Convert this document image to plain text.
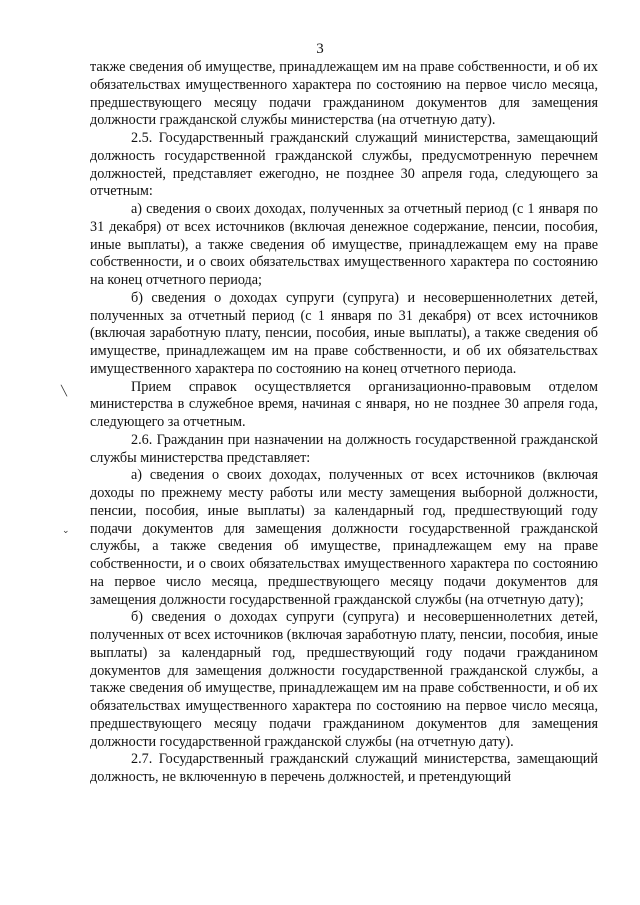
3
╲
⌄

также сведения об имуществе, принадлежащем им на праве собственности, и об их обязательствах имущественного характера по состоянию на первое число месяца, предшествующего месяцу подачи гражданином документов для замещения должности гражданской службы министерства (на отчетную дату).

2.5. Государственный гражданский служащий министерства, замещающий должность государственной гражданской службы, предусмотренную перечнем должностей, представляет ежегодно, не позднее 30 апреля года, следующего за отчетным:

а) сведения о своих доходах, полученных за отчетный период (с 1 января по 31 декабря) от всех источников (включая денежное содержание, пенсии, пособия, иные выплаты), а также сведения об имуществе, принадлежащем ему на праве собственности, и о своих обязательствах имущественного характера по состоянию на конец отчетного периода;

б) сведения о доходах супруги (супруга) и несовершеннолетних детей, полученных за отчетный период (с 1 января по 31 декабря) от всех источников (включая заработную плату, пенсии, пособия, иные выплаты), а также сведения об имуществе, принадлежащем им на праве собственности, и об их обязательствах имущественного характера по состоянию на конец отчетного периода.

Прием справок осуществляется организационно-правовым отделом министерства в служебное время, начиная с января, но не позднее 30 апреля года, следующего за отчетным.

2.6. Гражданин при назначении на должность государственной гражданской службы министерства представляет:

а) сведения о своих доходах, полученных от всех источников (включая доходы по прежнему месту работы или месту замещения выборной должности, пенсии, пособия, иные выплаты) за календарный год, предшествующий году подачи документов для замещения должности государственной гражданской службы, а также сведения об имуществе, принадлежащем ему на праве собственности, и о своих обязательствах имущественного характера по состоянию на первое число месяца, предшествующего месяцу подачи документов для замещения должности государственной гражданской службы (на отчетную дату);

б) сведения о доходах супруги (супруга) и несовершеннолетних детей, полученных от всех источников (включая заработную плату, пенсии, пособия, иные выплаты) за календарный год, предшествующий году подачи гражданином документов для замещения должности государственной гражданской службы, а также сведения об имуществе, принадлежащем им на праве собственности, и об их обязательствах имущественного характера по состоянию на первое число месяца, предшествующего месяцу подачи гражданином документов для замещения должности государственной гражданской службы (на отчетную дату).

2.7. Государственный гражданский служащий министерства, замещающий должность, не включенную в перечень должностей, и претендующий
